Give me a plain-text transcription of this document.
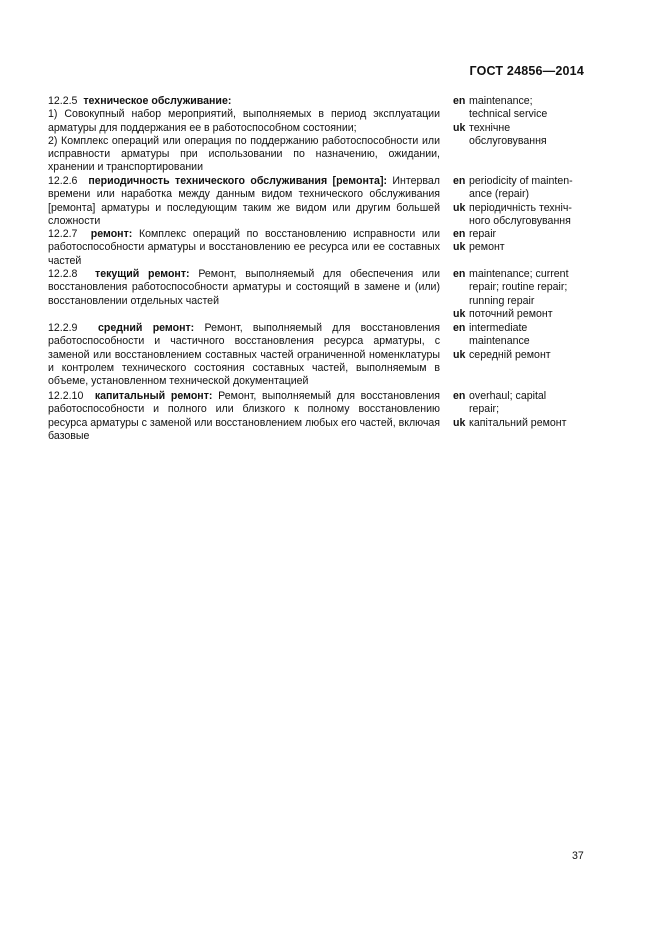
ГОСТ 24856—2014

12.2.5 техническое обслуживание:

1) Совокупный набор мероприятий, выполняемых в период эксплуатации арматуры для поддержания ее в работоспособном состоянии;

2) Комплекс операций или операция по поддержанию работоспособности или исправности арматуры при использовании по назначению, ожидании, хранении и транспортировании

en maintenance;
technical service
uk технічне
обслуговування

12.2.6 периодичность технического обслуживания [ремонта]: Интервал времени или наработка между данным видом технического обслуживания [ремонта] арматуры и последующим таким же видом или другим большей сложности

en periodicity of mainten-
ance (repair)
uk періодичність техніч-
ного обслуговування

12.2.7 ремонт: Комплекс операций по восстановлению исправности или работоспособности арматуры и восстановлению ее ресурса или ее составных частей

en repair
uk ремонт

12.2.8 текущий ремонт: Ремонт, выполняемый для обеспечения или восстановления работоспособности арматуры и состоящий в замене и (или) восстановлении отдельных частей

en maintenance; current
repair; routine repair;
running repair
uk поточний ремонт

12.2.9 средний ремонт: Ремонт, выполняемый для восстановления работоспособности и частичного восстановления ресурса арматуры, с заменой или восстановлением составных частей ограниченной номенклатуры и контролем технического состояния составных частей, выполняемым в объеме, установленном технической документацией

en intermediate
maintenance
uk середній ремонт

12.2.10 капитальный ремонт: Ремонт, выполняемый для восстановления работоспособности и полного или близкого к полному восстановлению ресурса арматуры с заменой или восстановлением любых его частей, включая базовые

en overhaul; capital
repair;
uk капітальний ремонт
37
